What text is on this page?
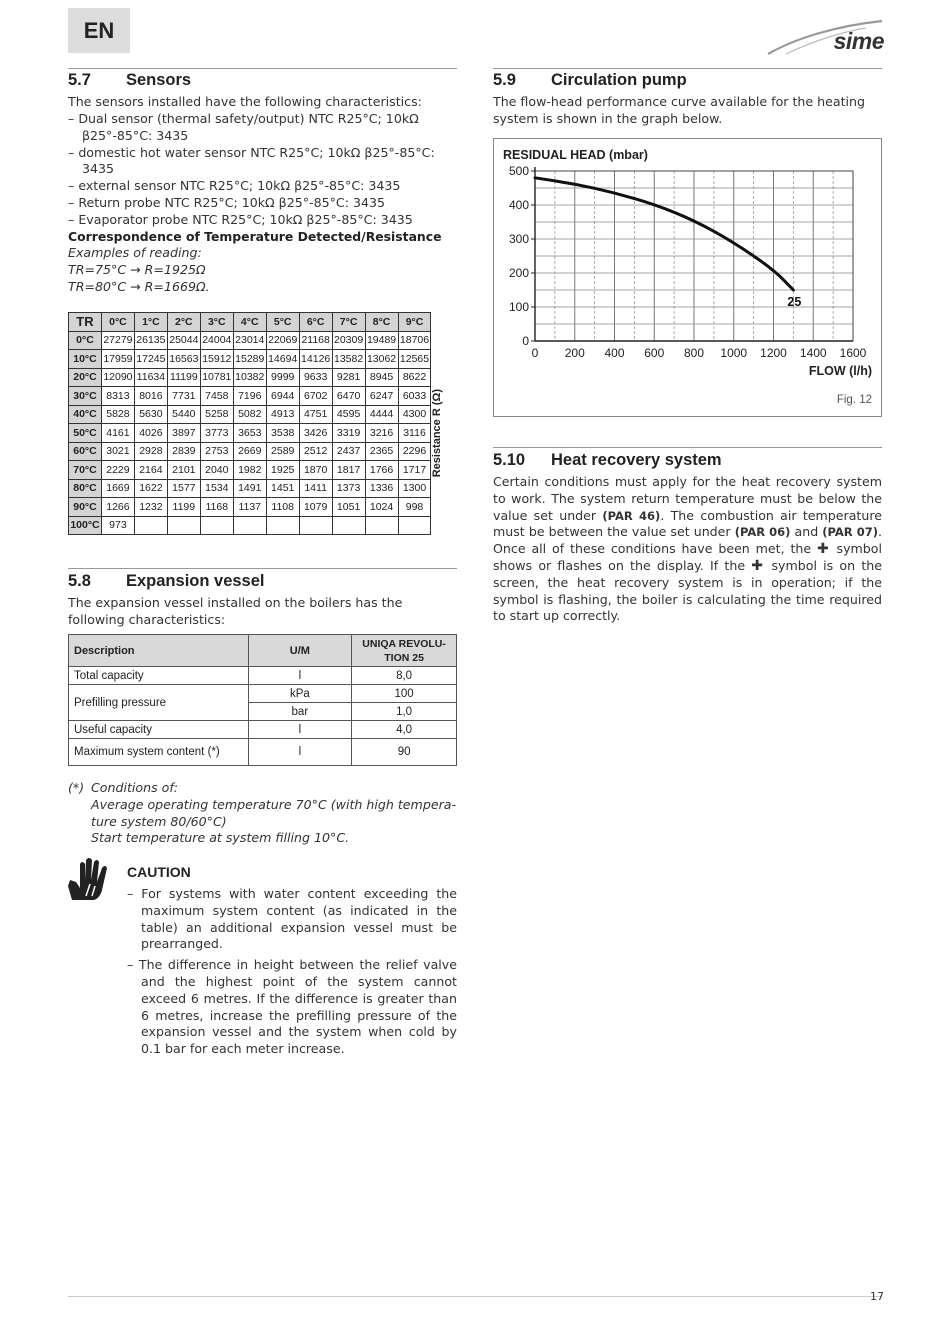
EN	sime
5.7 Sensors
The sensors installed have the following characteristics:
– Dual sensor (thermal safety/output) NTC R25°C; 10kΩ β25°-85°C: 3435
– domestic hot water sensor NTC R25°C; 10kΩ β25°-85°C: 3435
– external sensor NTC R25°C; 10kΩ β25°-85°C: 3435
– Return probe NTC R25°C; 10kΩ β25°-85°C: 3435
– Evaporator probe NTC R25°C; 10kΩ β25°-85°C: 3435
Correspondence of Temperature Detected/Resistance
Examples of reading:
TR=75°C → R=1925Ω
TR=80°C → R=1669Ω.
TR	0°C	1°C	2°C	3°C	4°C	5°C	6°C	7°C	8°C	9°C	
0°C	27279	26135	25044	24004	23014	22069	21168	20309	19489	18706	Resistance R (Ω)

10°C	17959	17245	16563	15912	15289	14694	14126	13582	13062	12565	
20°C	12090	11634	11199	10781	10382	9999	9633	9281	8945	8622	
30°C	8313	8016	7731	7458	7196	6944	6702	6470	6247	6033	
40°C	5828	5630	5440	5258	5082	4913	4751	4595	4444	4300	
50°C	4161	4026	3897	3773	3653	3538	3426	3319	3216	3116	
60°C	3021	2928	2839	2753	2669	2589	2512	2437	2365	2296	
70°C	2229	2164	2101	2040	1982	1925	1870	1817	1766	1717	
80°C	1669	1622	1577	1534	1491	1451	1411	1373	1336	1300	
90°C	1266	1232	1199	1168	1137	1108	1079	1051	1024	998	
100°C	973										
5.8 Expansion vessel
The expansion vessel installed on the boilers has the following characteristics:
Description	U/M	UNIQA REVOLU-
TION 25
Total capacity	l	8,0
Prefilling pressure	kPa	100
	bar	1,0
Useful capacity	l	4,0
Maximum system content (*)	l	90
(*) Conditions of:
Average operating temperature 70°C (with high tempera-
ture system 80/60°C)
Start temperature at system filling 10°C.
CAUTION
– For systems with water content exceeding the maximum system content (as indicated in the table) an additional expansion vessel must be prearranged.
– The difference in height between the relief valve and the highest point of the system cannot exceed 6 metres. If the difference is greater than 6 metres, increase the prefilling pressure of the expansion vessel and the system when cold by 0.1 bar for each meter increase.
5.9 Circulation pump
The flow-head performance curve available for the heating system is shown in the graph below.
RESIDUAL HEAD (mbar)
FLOW (l/h)
0 200 400 600 800 1000 1200 1400 1600
0
100
200
300
400
500
25
Fig. 12
5.10 Heat recovery system
Certain conditions must apply for the heat recovery system to work. The system return temperature must be below the value set under (PAR 46). The combustion air temperature must be between the value set under (PAR 06) and (PAR 07). Once all of these conditions have been met, the ✚ symbol shows or flashes on the display. If the ✚ symbol is on the screen, the heat recovery system is in operation; if the symbol is flashing, the boiler is calculating the time required to start up correctly.
17
